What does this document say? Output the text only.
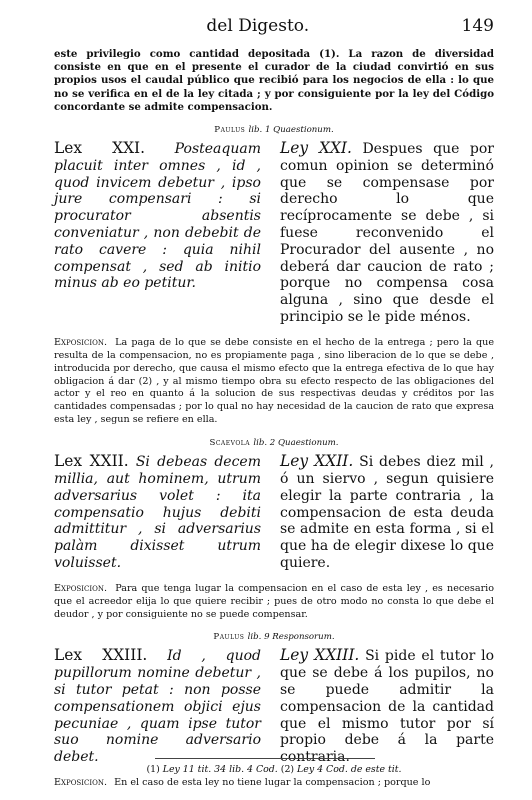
del Digesto.	149

este privilegio como cantidad depositada (1). La razon de diversidad consiste en que en el presente el curador de la ciudad convirtió en sus propios usos el caudal público que recibió para los negocios de ella : lo que no se verifica en el de la ley citada ; y por consiguiente por la ley del Código concordante se admite compensacion.

Paulus lib. 1 Quaestionum.
Lex XXI. Posteaquam placuit inter omnes , id , quod invicem debetur , ipso jure compensari : si procurator absentis conveniatur , non debebit de rato cavere : quia nihil compensat , sed ab initio minus ab eo petitur.
Ley XXI. Despues que por comun opinion se determinó que se compensase por derecho lo que recíprocamente se debe , si fuese reconvenido el Procurador del ausente , no deberá dar caucion de rato ; porque no compensa cosa alguna , sino que desde el principio se le pide ménos.
Exposicion. La paga de lo que se debe consiste en el hecho de la entrega ; pero la que resulta de la compensacion, no es propiamente paga , sino liberacion de lo que se debe , introducida por derecho, que causa el mismo efecto que la entrega efectiva de lo que hay obligacion á dar (2) , y al mismo tiempo obra su efecto respecto de las obligaciones del actor y el reo en quanto á la solucion de sus respectivas deudas y créditos por las cantidades compensadas ; por lo qual no hay necesidad de la caucion de rato que expresa esta ley , segun se refiere en ella.
Scaevola lib. 2 Quaestionum.
Lex XXII. Si debeas decem millia, aut hominem, utrum adversarius volet : ita compensatio hujus debiti admittitur , si adversarius palàm dixisset utrum voluisset.
Ley XXII. Si debes diez mil , ó un siervo , segun quisiere elegir la parte contraria , la compensacion de esta deuda se admite en esta forma , si el que ha de elegir dixese lo que quiere.
Exposicion. Para que tenga lugar la compensacion en el caso de esta ley , es necesario que el acreedor elija lo que quiere recibir ; pues de otro modo no consta lo que debe el deudor , y por consiguiente no se puede compensar.
Paulus lib. 9 Responsorum.
Lex XXIII. Id , quod pupillorum nomine debetur , si tutor petat : non posse compensationem objici ejus pecuniae , quam ipse tutor suo nomine adversario debet.
Ley XXIII. Si pide el tutor lo que se debe á los pupilos, no se puede admitir la compensacion de la cantidad que el mismo tutor por sí propio debe á la parte contraria.
Exposicion. En el caso de esta ley no tiene lugar la compensacion ; porque lo
(1) Ley 11 tit. 34 lib. 4 Cod. (2) Ley 4 Cod. de este tit.
